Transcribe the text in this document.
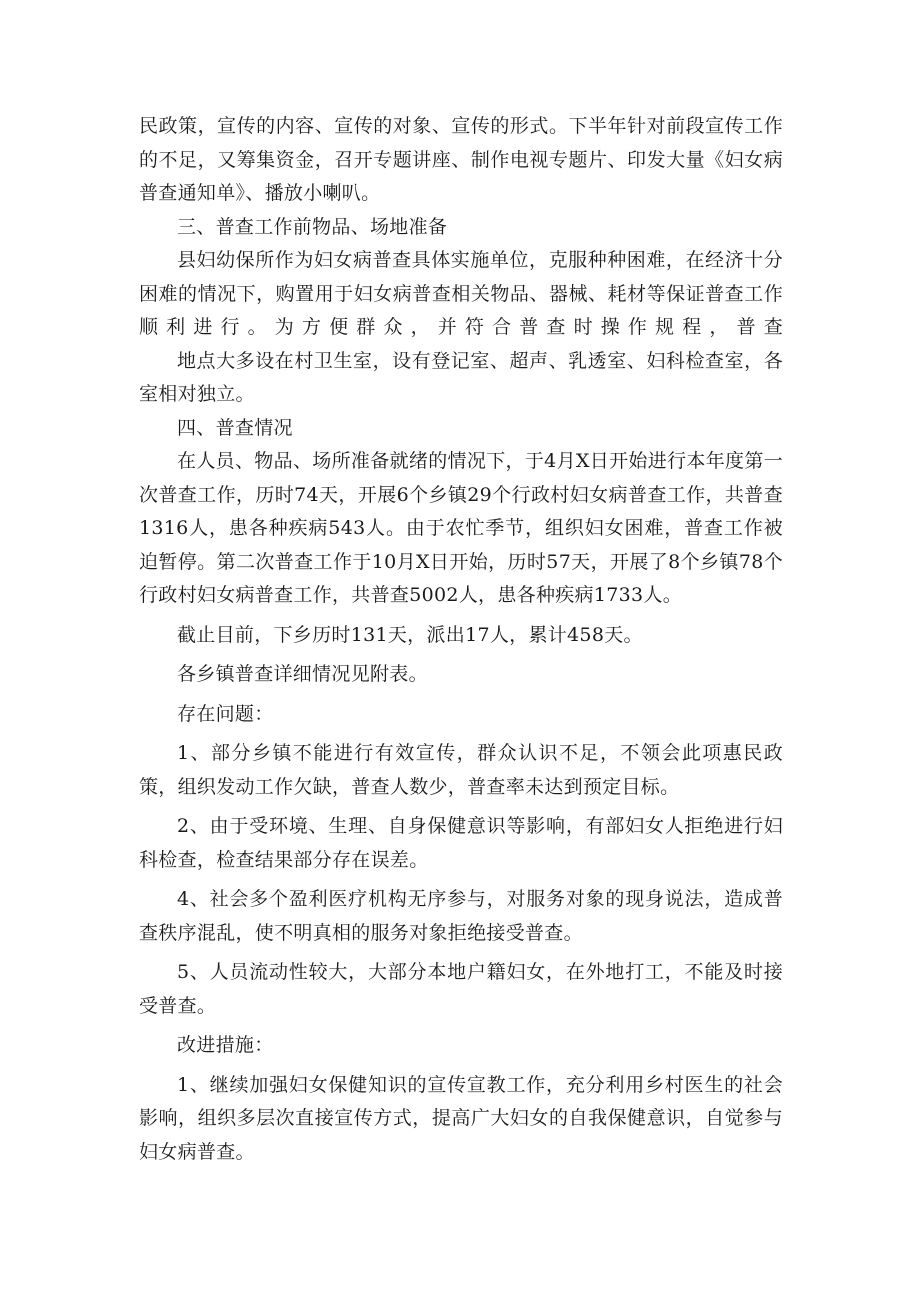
民政策，宣传的内容、宣传的对象、宣传的形式。下半年针对前段宣传工作的不足，又筹集资金，召开专题讲座、制作电视专题片、印发大量《妇女病普查通知单》、播放小喇叭。

三、普查工作前物品、场地准备

县妇幼保所作为妇女病普查具体实施单位，克服种种困难，在经济十分困难的情况下，购置用于妇女病普查相关物品、器械、耗材等保证普查工作顺利进行。为方便群众，并符合普查时操作规程，普查

地点大多设在村卫生室，设有登记室、超声、乳透室、妇科检查室，各室相对独立。

四、普查情况

在人员、物品、场所准备就绪的情况下，于4月X日开始进行本年度第一次普查工作，历时74天，开展6个乡镇29个行政村妇女病普查工作，共普查1316人，患各种疾病543人。由于农忙季节，组织妇女困难，普查工作被迫暂停。第二次普查工作于10月X日开始，历时57天，开展了8个乡镇78个行政村妇女病普查工作，共普查5002人，患各种疾病1733人。

截止目前，下乡历时131天，派出17人，累计458天。

各乡镇普查详细情况见附表。

存在问题：

1、部分乡镇不能进行有效宣传，群众认识不足，不领会此项惠民政策，组织发动工作欠缺，普查人数少，普查率未达到预定目标。

2、由于受环境、生理、自身保健意识等影响，有部妇女人拒绝进行妇科检查，检查结果部分存在误差。

4、社会多个盈利医疗机构无序参与，对服务对象的现身说法，造成普查秩序混乱，使不明真相的服务对象拒绝接受普查。

5、人员流动性较大，大部分本地户籍妇女，在外地打工，不能及时接受普查。

改进措施：

1、继续加强妇女保健知识的宣传宣教工作，充分利用乡村医生的社会影响，组织多层次直接宣传方式，提高广大妇女的自我保健意识，自觉参与妇女病普查。
